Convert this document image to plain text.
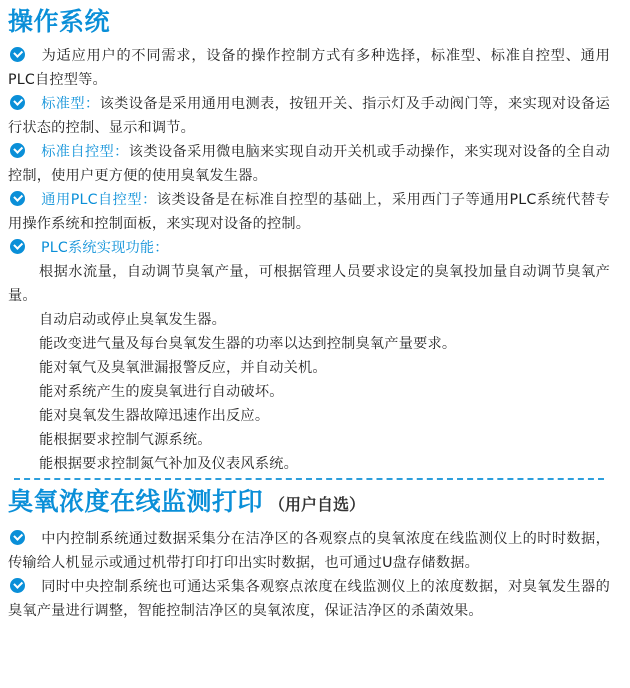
操作系统

为适应用户的不同需求，设备的操作控制方式有多种选择，标准型、标准自控型、通用PLC自控型等。

标准型：该类设备是采用通用电测表，按钮开关、指示灯及手动阀门等，来实现对设备运行状态的控制、显示和调节。

标准自控型：该类设备采用微电脑来实现自动开关机或手动操作，来实现对设备的全自动控制，使用户更方便的使用臭氧发生器。

通用PLC自控型：该类设备是在标准自控型的基础上，采用西门子等通用PLC系统代替专用操作系统和控制面板，来实现对设备的控制。

PLC系统实现功能：

根据水流量，自动调节臭氧产量，可根据管理人员要求设定的臭氧投加量自动调节臭氧产量。

自动启动或停止臭氧发生器。

能改变进气量及每台臭氧发生器的功率以达到控制臭氧产量要求。

能对氧气及臭氧泄漏报警反应，并自动关机。

能对系统产生的废臭氧进行自动破坏。

能对臭氧发生器故障迅速作出反应。

能根据要求控制气源系统。

能根据要求控制氮气补加及仪表风系统。

臭氧浓度在线监测打印 （用户自选）

中内控制系统通过数据采集分在洁净区的各观察点的臭氧浓度在线监测仪上的时时数据，传输给人机显示或通过机带打印打印出实时数据，也可通过U盘存储数据。

同时中央控制系统也可通达采集各观察点浓度在线监测仪上的浓度数据，对臭氧发生器的臭氧产量进行调整，智能控制洁净区的臭氧浓度，保证洁净区的杀菌效果。
